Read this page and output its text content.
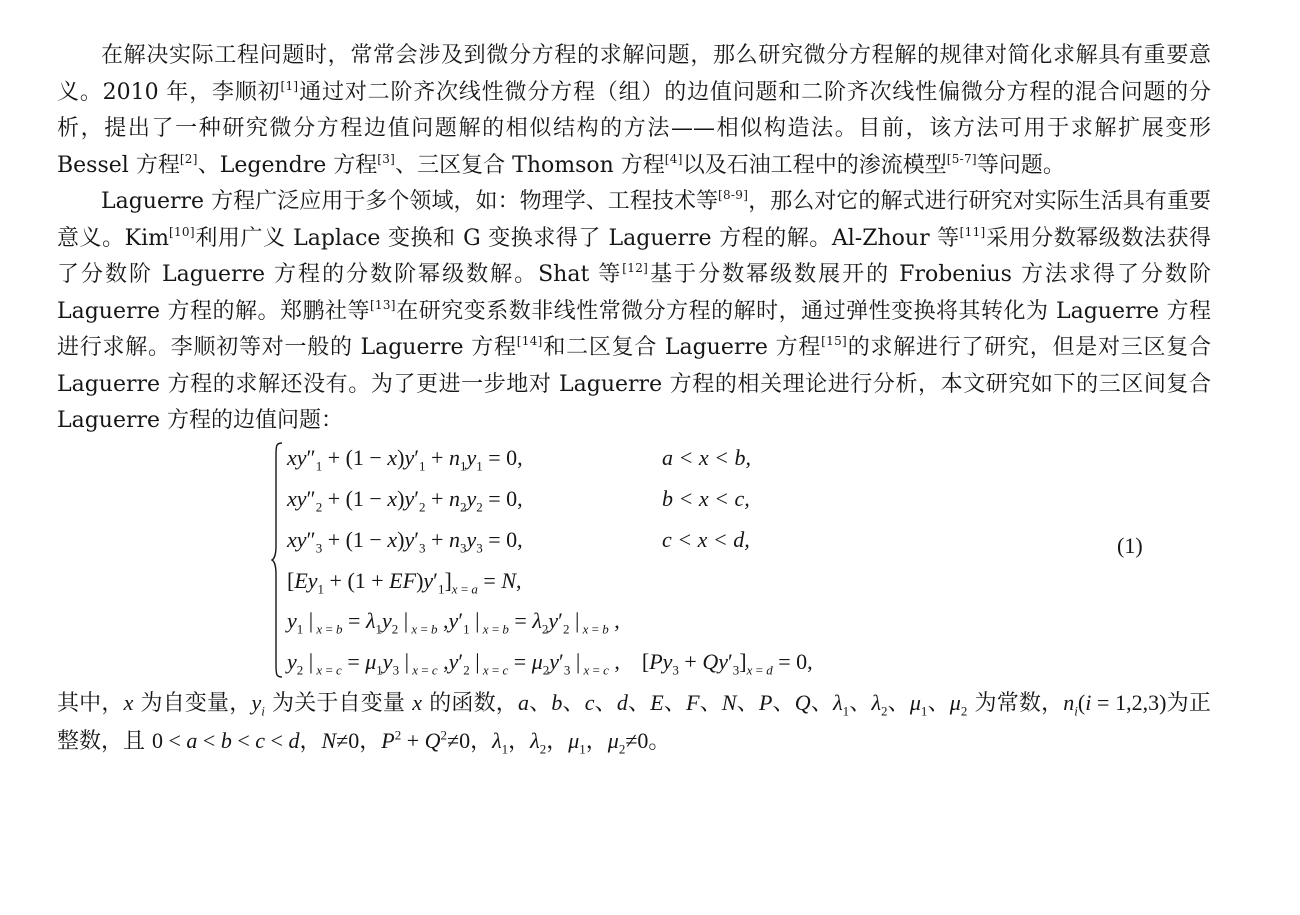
在解决实际工程问题时，常常会涉及到微分方程的求解问题，那么研究微分方程解的规律对简化求解具有重要意义。2010 年，李顺初[1]通过对二阶齐次线性微分方程（组）的边值问题和二阶齐次线性偏微分方程的混合问题的分析，提出了一种研究微分方程边值问题解的相似结构的方法——相似构造法。目前，该方法可用于求解扩展变形 Bessel 方程[2]、Legendre 方程[3]、三区复合 Thomson 方程[4]以及石油工程中的渗流模型[5-7]等问题。

Laguerre 方程广泛应用于多个领域，如：物理学、工程技术等[8-9]，那么对它的解式进行研究对实际生活具有重要意义。Kim[10]利用广义 Laplace 变换和 G 变换求得了 Laguerre 方程的解。Al-Zhour 等[11]采用分数幂级数法获得了分数阶 Laguerre 方程的分数阶幂级数解。Shat 等[12]基于分数幂级数展开的 Frobenius 方法求得了分数阶 Laguerre 方程的解。郑鹏社等[13]在研究变系数非线性常微分方程的解时，通过弹性变换将其转化为 Laguerre 方程进行求解。李顺初等对一般的 Laguerre 方程[14]和二区复合 Laguerre 方程[15]的求解进行了研究，但是对三区复合 Laguerre 方程的求解还没有。为了更进一步地对 Laguerre 方程的相关理论进行分析，本文研究如下的三区间复合 Laguerre 方程的边值问题：

$xy''_1 + (1 - x)y'_1 + n_1y_1 = 0$,	a < x < b,
$xy''_2 + (1 - x)y'_2 + n_2y_2 = 0$,	b < x < c,
$xy''_3 + (1 - x)y'_3 + n_3y_3 = 0$,	c < x < d,
$[Ey_1 + (1 + EF)y'_1]_{x = a} = N$,
$y_1$ | $_{x = b} = \lambda_1y_2$ | $_{x = b}$ $,y'_1$ | $_{x = b} = \lambda_2y'_2$ | $_{x = b}$ ,
$y_2$ | $_{x = c} = \mu_1y_3$ | $_{x = c}$ $,y'_2$ | $_{x = c} = \mu_2y'_3$ | $_{x = c}$ ,    $[Py_3 + Qy'_3]_{x = d} = 0$,
(1)

其中，x 为自变量，$y_i$ 为关于自变量 x 的函数，a、b、c、d、E、F、N、P、Q、$\lambda_1$、$\lambda_2$、$\mu_1$、$\mu_2$ 为常数，$n_i(i = 1,2,3)$为正整数，且 0 < a < b < c < d，N≠0，$P^2 + Q^2\ne 0$，$\lambda_1$，$\lambda_2$，$\mu_1$，$\mu_2\ne 0$。
